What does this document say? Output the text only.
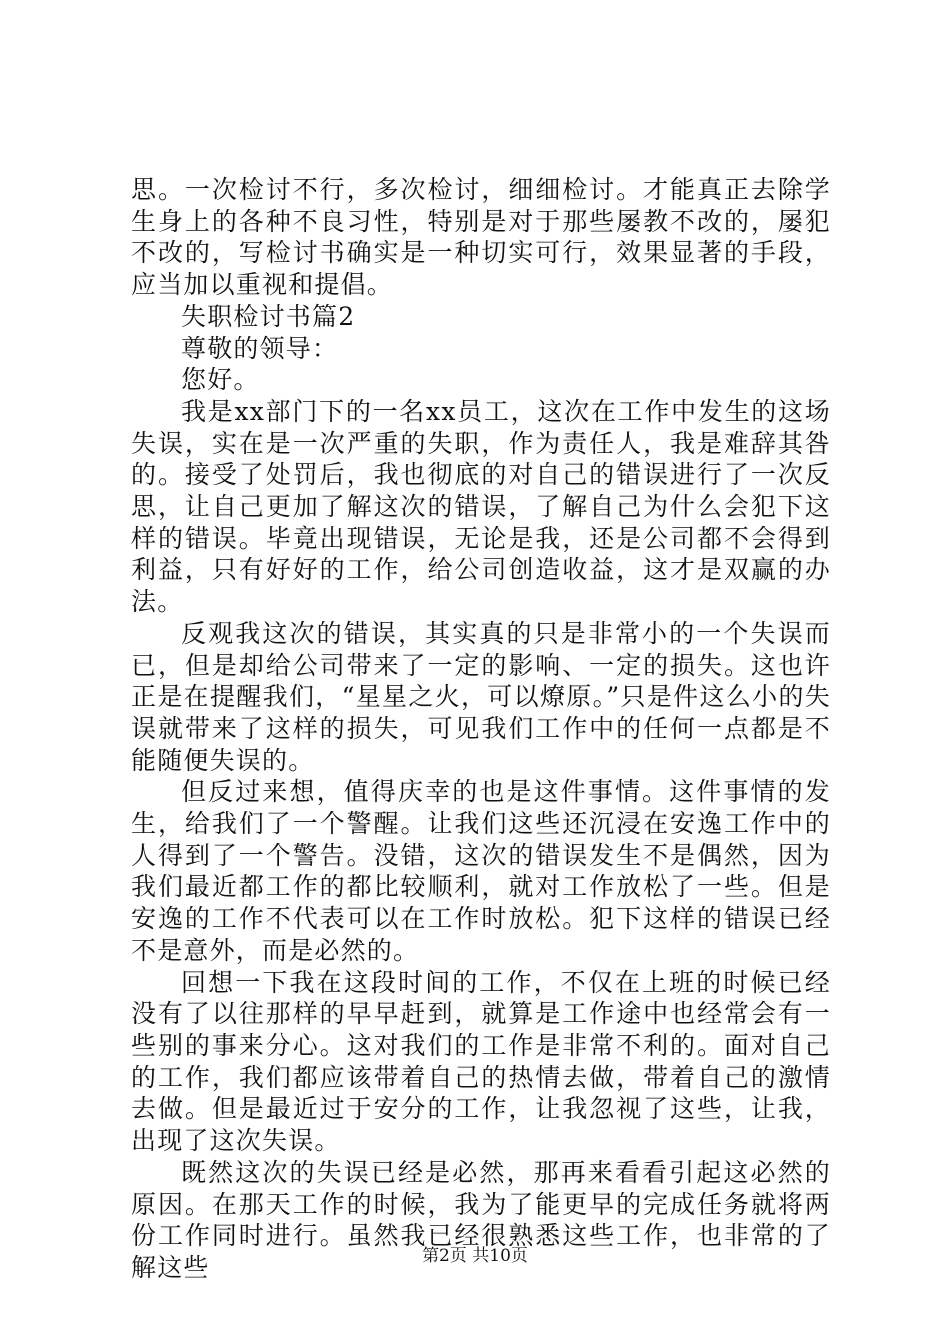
思。一次检讨不行，多次检讨，细细检讨。才能真正去除学生身上的各种不良习性，特别是对于那些屡教不改的，屡犯不改的，写检讨书确实是一种切实可行，效果显著的手段，应当加以重视和提倡。

失职检讨书篇2

尊敬的领导：

您好。

我是xx部门下的一名xx员工，这次在工作中发生的这场失误，实在是一次严重的失职，作为责任人，我是难辞其咎的。接受了处罚后，我也彻底的对自己的错误进行了一次反思，让自己更加了解这次的错误，了解自己为什么会犯下这样的错误。毕竟出现错误，无论是我，还是公司都不会得到利益，只有好好的工作，给公司创造收益，这才是双赢的办法。

反观我这次的错误，其实真的只是非常小的一个失误而已，但是却给公司带来了一定的影响、一定的损失。这也许正是在提醒我们，“星星之火，可以燎原。”只是件这么小的失误就带来了这样的损失，可见我们工作中的任何一点都是不能随便失误的。

但反过来想，值得庆幸的也是这件事情。这件事情的发生，给我们了一个警醒。让我们这些还沉浸在安逸工作中的人得到了一个警告。没错，这次的错误发生不是偶然，因为我们最近都工作的都比较顺利，就对工作放松了一些。但是安逸的工作不代表可以在工作时放松。犯下这样的错误已经不是意外，而是必然的。

回想一下我在这段时间的工作，不仅在上班的时候已经没有了以往那样的早早赶到，就算是工作途中也经常会有一些别的事来分心。这对我们的工作是非常不利的。面对自己的工作，我们都应该带着自己的热情去做，带着自己的激情去做。但是最近过于安分的工作，让我忽视了这些，让我，出现了这次失误。

既然这次的失误已经是必然，那再来看看引起这必然的原因。在那天工作的时候，我为了能更早的完成任务就将两份工作同时进行。虽然我已经很熟悉这些工作，也非常的了解这些	第2页 共10页
